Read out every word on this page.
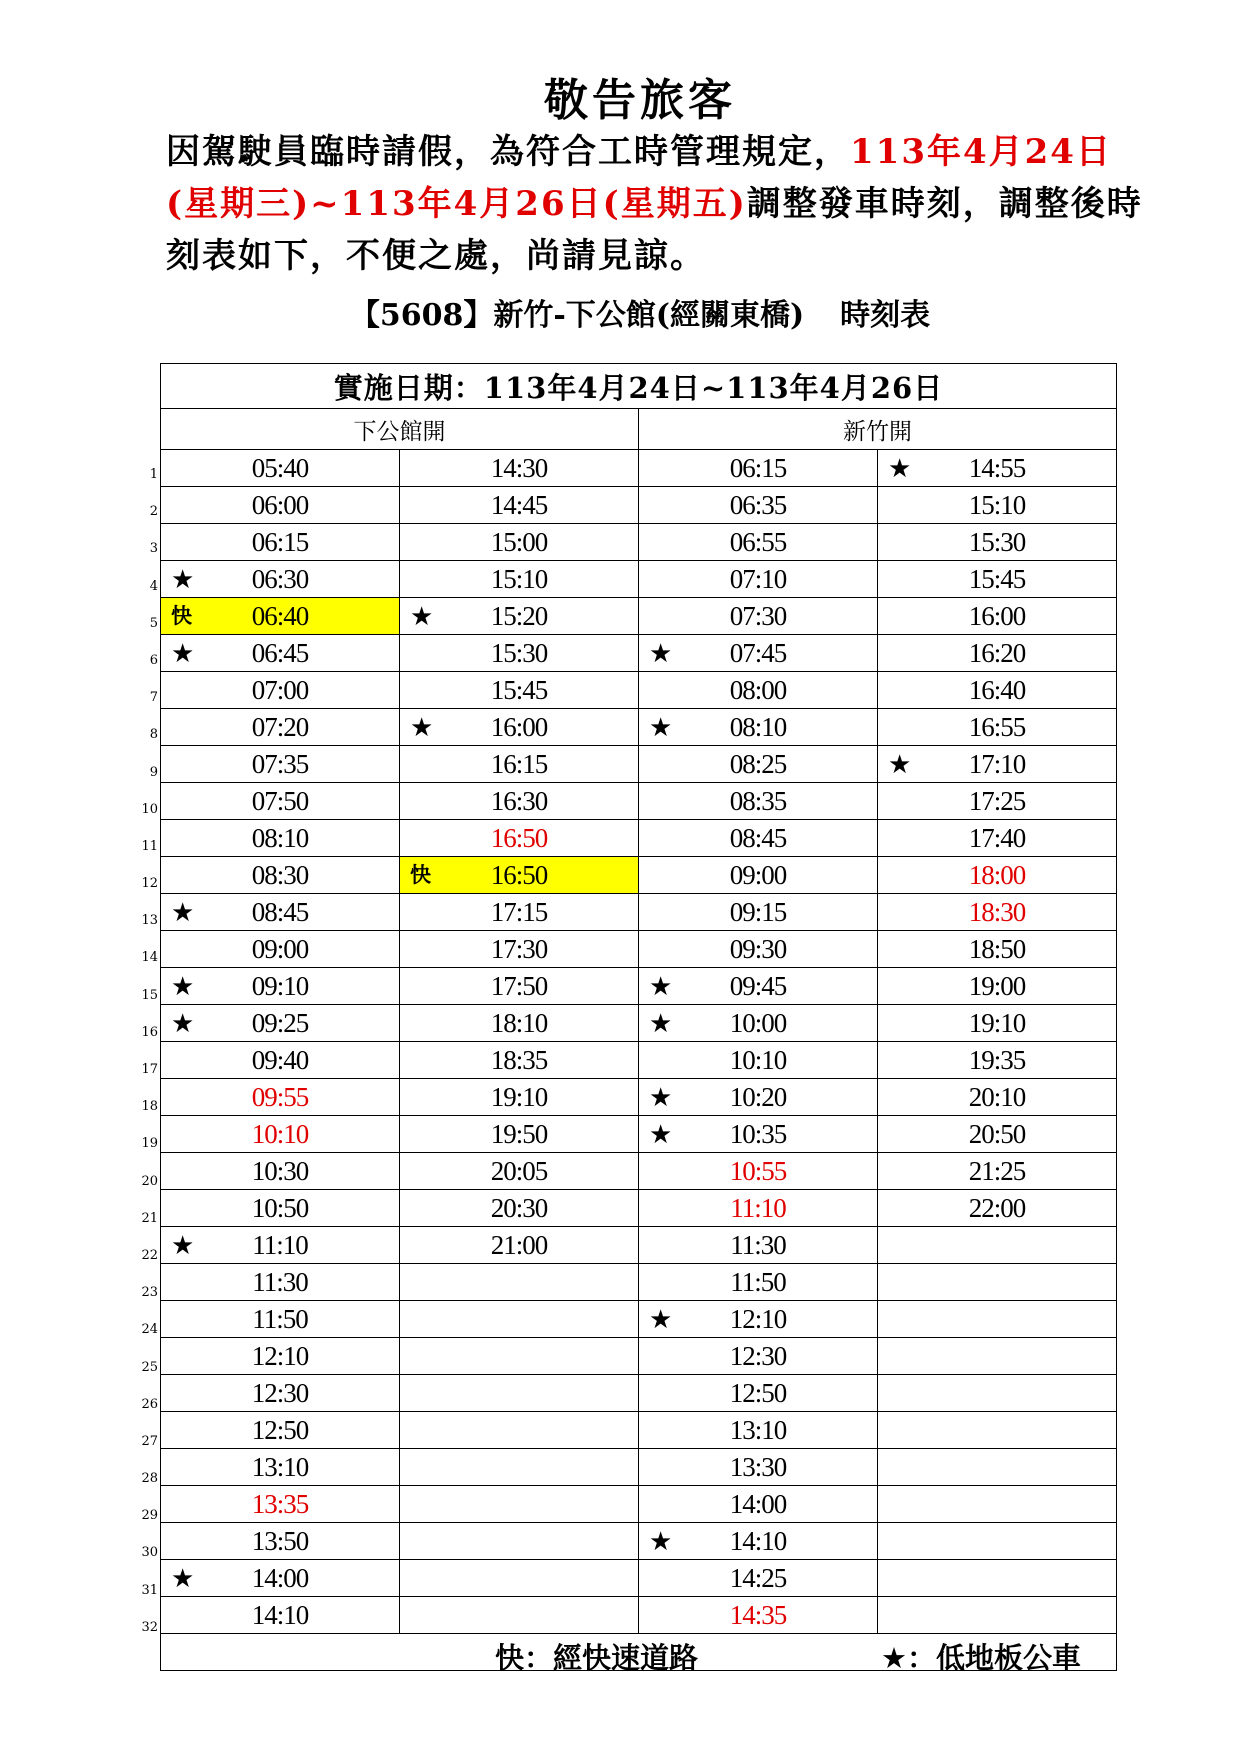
敬告旅客
因駕駛員臨時請假，為符合工時管理規定，113年4月24日(星期三)~113年4月26日(星期五)調整發車時刻，調整後時刻表如下，不便之處，尚請見諒。
【5608】新竹-下公館(經關東橋) 時刻表
1
2
3
4
5
6
7
8
9
10
11
12
13
14
15
16
17
18
19
20
21
22
23
24
25
26
27
28
29
30
31
32
實施日期：113年4月24日~113年4月26日			
下公館開		新竹開	

05:40	14:30	06:15	★ 14:55

06:00	14:45	06:35	15:10

06:15	15:00	06:55	15:30

★ 06:30	15:10	07:10	15:45

快 06:40	★ 15:20	07:30	16:00

★ 06:45	15:30	★ 07:45	16:20

07:00	15:45	08:00	16:40

07:20	★ 16:00	★ 08:10	16:55

07:35	16:15	08:25	★ 17:10

07:50	16:30	08:35	17:25

08:10	16:50	08:45	17:40

08:30	快 16:50	09:00	18:00

★ 08:45	17:15	09:15	18:30

09:00	17:30	09:30	18:50

★ 09:10	17:50	★ 09:45	19:00

★ 09:25	18:10	★ 10:00	19:10

09:40	18:35	10:10	19:35

09:55	19:10	★ 10:20	20:10

10:10	19:50	★ 10:35	20:50

10:30	20:05	10:55	21:25

10:50	20:30	11:10	22:00

★ 11:10	21:00	11:30	

11:30		11:50	

11:50		★ 12:10	

12:10		12:30	

12:30		12:50	

12:50		13:10	

13:10		13:30	

13:35		14:00	

13:50		★ 14:10	

★ 14:00		14:25	

14:10		14:35	

快：經快速道路 ★：低地板公車			
